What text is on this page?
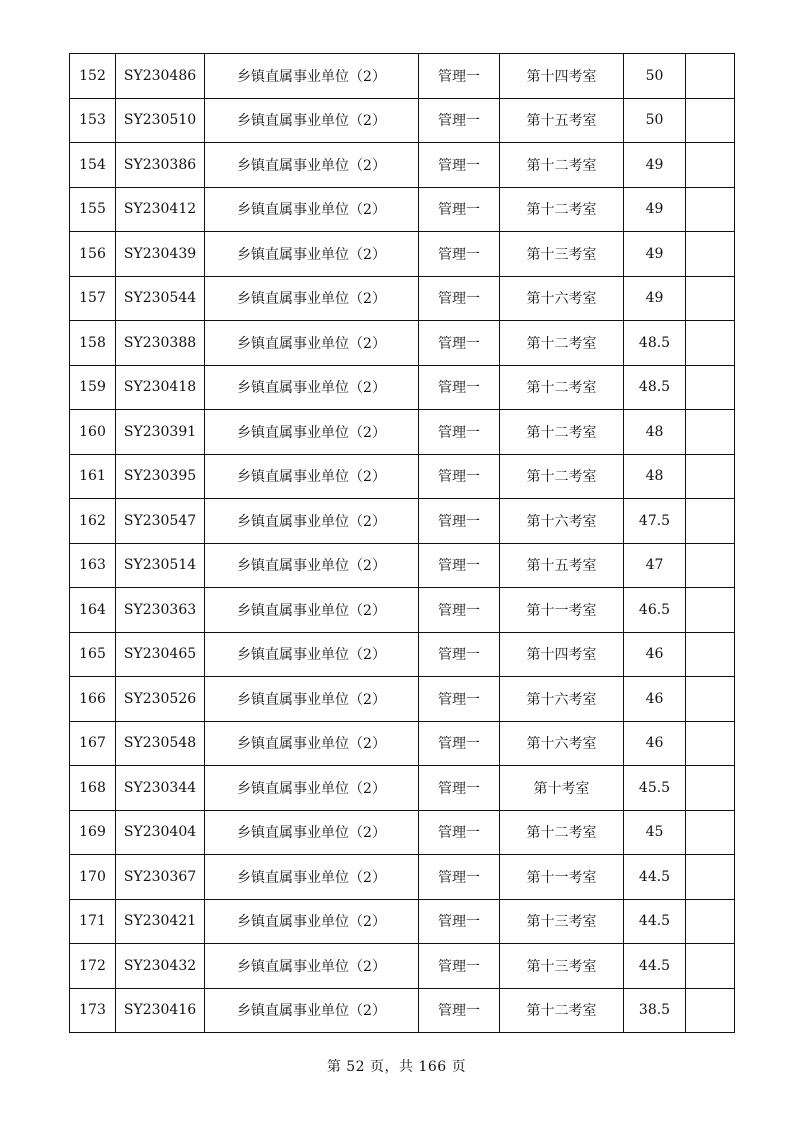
152	SY230486	乡镇直属事业单位（2）	管理一	第十四考室	50	
153	SY230510	乡镇直属事业单位（2）	管理一	第十五考室	50	
154	SY230386	乡镇直属事业单位（2）	管理一	第十二考室	49	
155	SY230412	乡镇直属事业单位（2）	管理一	第十二考室	49	
156	SY230439	乡镇直属事业单位（2）	管理一	第十三考室	49	
157	SY230544	乡镇直属事业单位（2）	管理一	第十六考室	49	
158	SY230388	乡镇直属事业单位（2）	管理一	第十二考室	48.5	
159	SY230418	乡镇直属事业单位（2）	管理一	第十二考室	48.5	
160	SY230391	乡镇直属事业单位（2）	管理一	第十二考室	48	
161	SY230395	乡镇直属事业单位（2）	管理一	第十二考室	48	
162	SY230547	乡镇直属事业单位（2）	管理一	第十六考室	47.5	
163	SY230514	乡镇直属事业单位（2）	管理一	第十五考室	47	
164	SY230363	乡镇直属事业单位（2）	管理一	第十一考室	46.5	
165	SY230465	乡镇直属事业单位（2）	管理一	第十四考室	46	
166	SY230526	乡镇直属事业单位（2）	管理一	第十六考室	46	
167	SY230548	乡镇直属事业单位（2）	管理一	第十六考室	46	
168	SY230344	乡镇直属事业单位（2）	管理一	第十考室	45.5	
169	SY230404	乡镇直属事业单位（2）	管理一	第十二考室	45	
170	SY230367	乡镇直属事业单位（2）	管理一	第十一考室	44.5	
171	SY230421	乡镇直属事业单位（2）	管理一	第十三考室	44.5	
172	SY230432	乡镇直属事业单位（2）	管理一	第十三考室	44.5	
173	SY230416	乡镇直属事业单位（2）	管理一	第十二考室	38.5	
第 52 页，共 166 页
